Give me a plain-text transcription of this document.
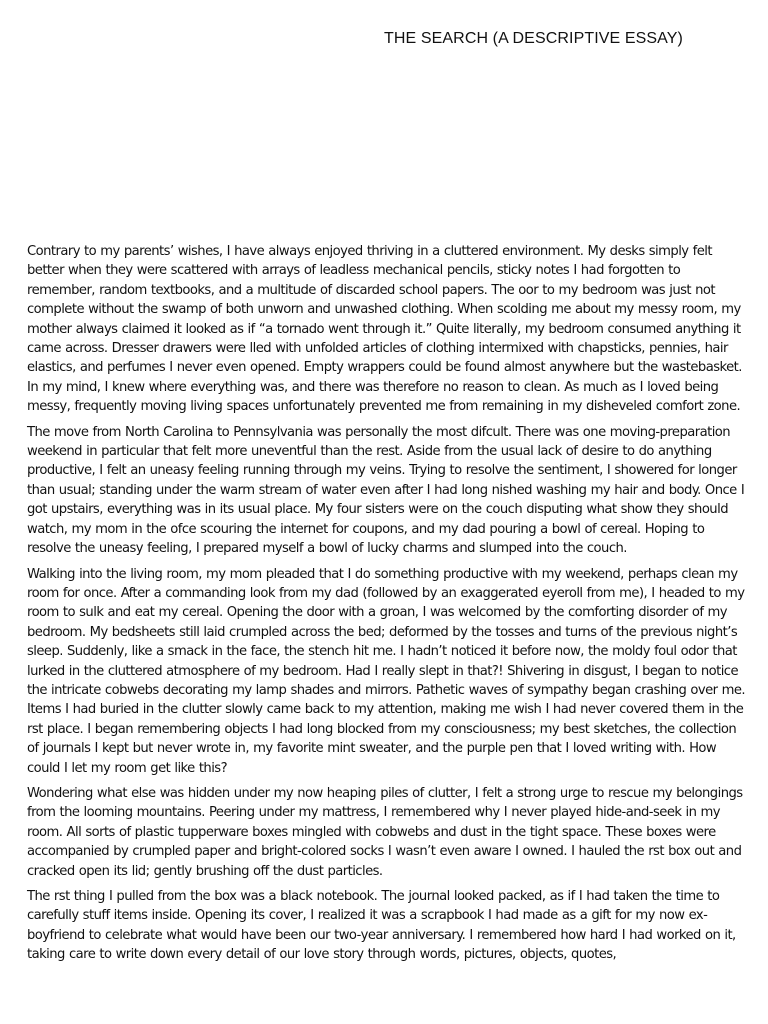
THE SEARCH (A DESCRIPTIVE ESSAY)

Contrary to my parents’ wishes, I have always enjoyed thriving in a cluttered environment. My desks simply felt better when they were scattered with arrays of leadless mechanical pencils, sticky notes I had forgotten to remember, random textbooks, and a multitude of discarded school papers. The oor to my bedroom was just not complete without the swamp of both unworn and unwashed clothing. When scolding me about my messy room, my mother always claimed it looked as if “a tornado went through it.” Quite literally, my bedroom consumed anything it came across. Dresser drawers were lled with unfolded articles of clothing intermixed with chapsticks, pennies, hair elastics, and perfumes I never even opened. Empty wrappers could be found almost anywhere but the wastebasket. In my mind, I knew where everything was, and there was therefore no reason to clean. As much as I loved being messy, frequently moving living spaces unfortunately prevented me from remaining in my disheveled comfort zone.

The move from North Carolina to Pennsylvania was personally the most difcult. There was one moving-preparation weekend in particular that felt more uneventful than the rest. Aside from the usual lack of desire to do anything productive, I felt an uneasy feeling running through my veins. Trying to resolve the sentiment, I showered for longer than usual; standing under the warm stream of water even after I had long nished washing my hair and body. Once I got upstairs, everything was in its usual place. My four sisters were on the couch disputing what show they should watch, my mom in the ofce scouring the internet for coupons, and my dad pouring a bowl of cereal. Hoping to resolve the uneasy feeling, I prepared myself a bowl of lucky charms and slumped into the couch.

Walking into the living room, my mom pleaded that I do something productive with my weekend, perhaps clean my room for once. After a commanding look from my dad (followed by an exaggerated eyeroll from me), I headed to my room to sulk and eat my cereal. Opening the door with a groan, I was welcomed by the comforting disorder of my bedroom. My bedsheets still laid crumpled across the bed; deformed by the tosses and turns of the previous night’s sleep. Suddenly, like a smack in the face, the stench hit me. I hadn’t noticed it before now, the moldy foul odor that lurked in the cluttered atmosphere of my bedroom. Had I really slept in that?! Shivering in disgust, I began to notice the intricate cobwebs decorating my lamp shades and mirrors. Pathetic waves of sympathy began crashing over me. Items I had buried in the clutter slowly came back to my attention, making me wish I had never covered them in the rst place. I began remembering objects I had long blocked from my consciousness; my best sketches, the collection of journals I kept but never wrote in, my favorite mint sweater, and the purple pen that I loved writing with. How could I let my room get like this?

Wondering what else was hidden under my now heaping piles of clutter, I felt a strong urge to rescue my belongings from the looming mountains. Peering under my mattress, I remembered why I never played hide-and-seek in my room. All sorts of plastic tupperware boxes mingled with cobwebs and dust in the tight space. These boxes were accompanied by crumpled paper and bright-colored socks I wasn’t even aware I owned. I hauled the rst box out and cracked open its lid; gently brushing off the dust particles.

The rst thing I pulled from the box was a black notebook. The journal looked packed, as if I had taken the time to carefully stuff items inside. Opening its cover, I realized it was a scrapbook I had made as a gift for my now ex-boyfriend to celebrate what would have been our two-year anniversary. I remembered how hard I had worked on it, taking care to write down every detail of our love story through words, pictures, objects, quotes,
